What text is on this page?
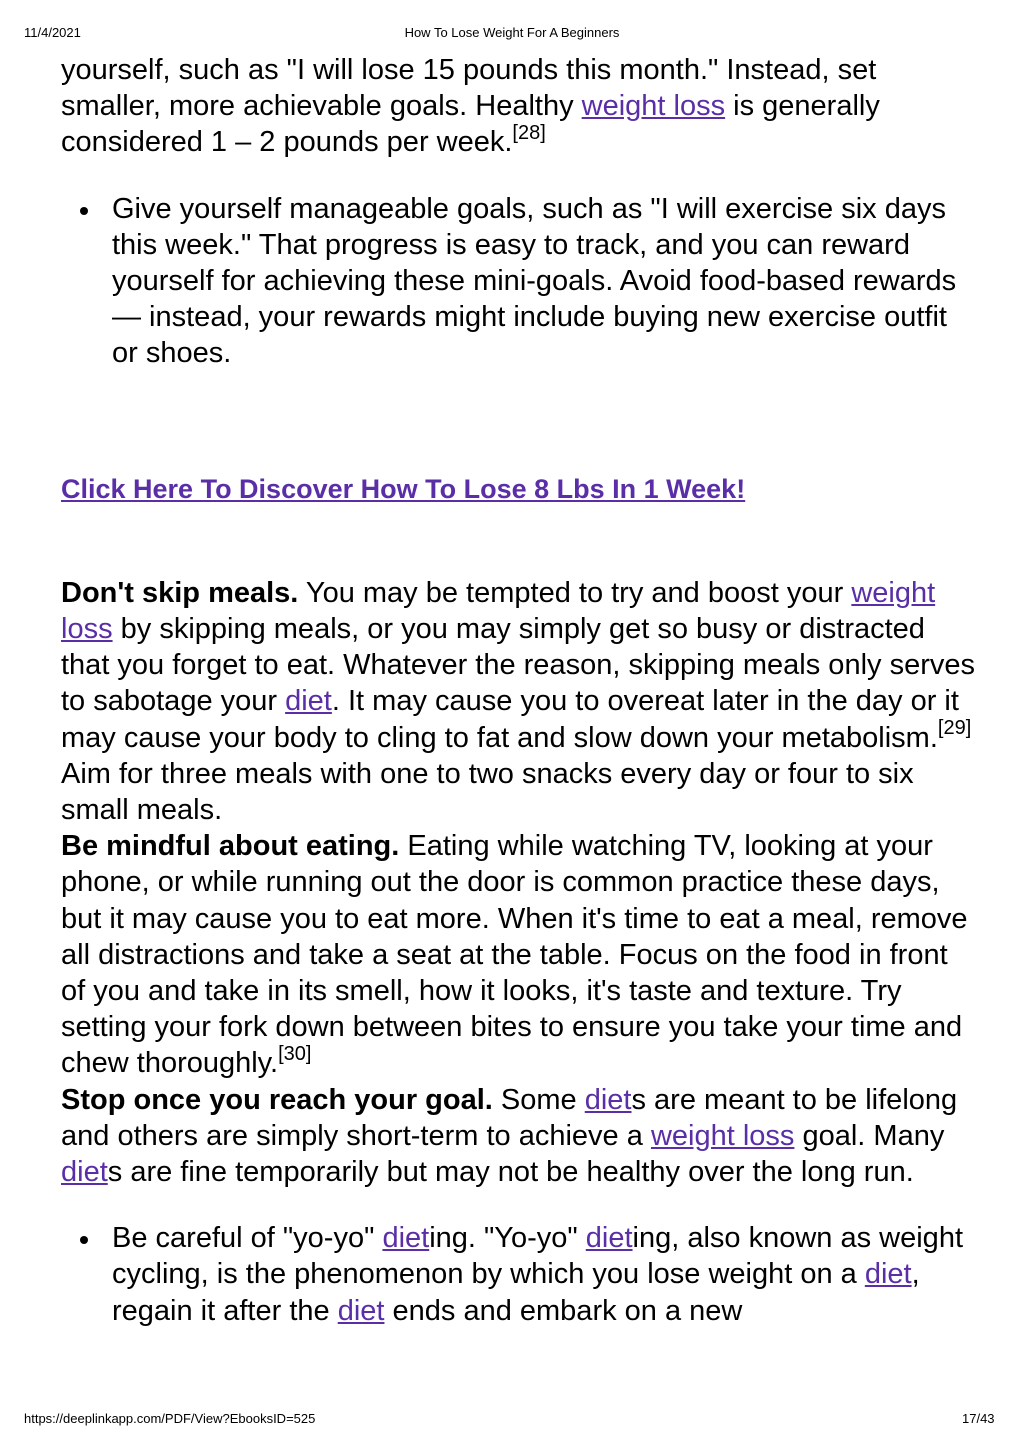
11/4/2021	How To Lose Weight For A Beginners

yourself, such as "I will lose 15 pounds this month." Instead, set smaller, more achievable goals. Healthy weight loss is generally considered 1 – 2 pounds per week.[28]

Give yourself manageable goals, such as "I will exercise six days this week." That progress is easy to track, and you can reward yourself for achieving these mini-goals. Avoid food-based rewards — instead, your rewards might include buying new exercise outfit or shoes.

Click Here To Discover How To Lose 8 Lbs In 1 Week!

Don't skip meals. You may be tempted to try and boost your weight loss by skipping meals, or you may simply get so busy or distracted that you forget to eat. Whatever the reason, skipping meals only serves to sabotage your diet. It may cause you to overeat later in the day or it may cause your body to cling to fat and slow down your metabolism.[29] Aim for three meals with one to two snacks every day or four to six small meals.

Be mindful about eating. Eating while watching TV, looking at your phone, or while running out the door is common practice these days, but it may cause you to eat more. When it's time to eat a meal, remove all distractions and take a seat at the table. Focus on the food in front of you and take in its smell, how it looks, it's taste and texture. Try setting your fork down between bites to ensure you take your time and chew thoroughly.[30]

Stop once you reach your goal. Some diets are meant to be lifelong and others are simply short-term to achieve a weight loss goal. Many diets are fine temporarily but may not be healthy over the long run.

Be careful of "yo-yo" dieting. "Yo-yo" dieting, also known as weight cycling, is the phenomenon by which you lose weight on a diet, regain it after the diet ends and embark on a new
https://deeplinkapp.com/PDF/View?EbooksID=525	17/43
